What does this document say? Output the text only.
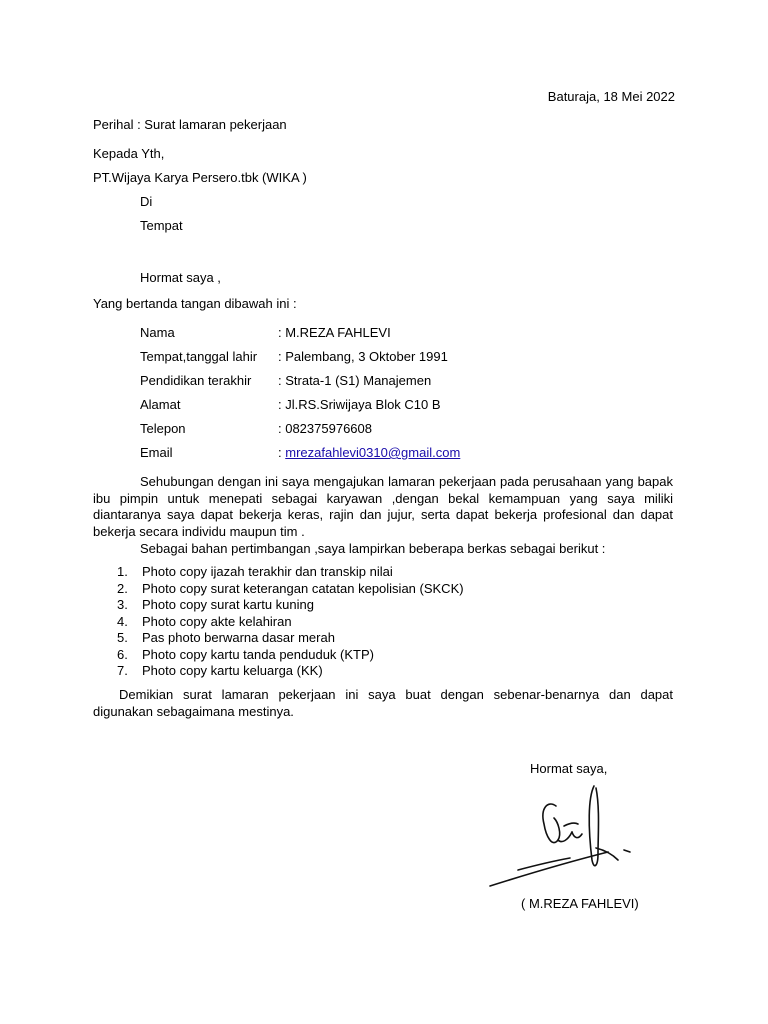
Baturaja, 18 Mei 2022
Perihal : Surat lamaran pekerjaan
Kepada Yth,
PT.Wijaya Karya Persero.tbk (WIKA )
Di
Tempat
Hormat saya ,
Yang bertanda tangan dibawah ini :
Nama	: M.REZA FAHLEVI
Tempat,tanggal lahir : Palembang, 3 Oktober 1991
Pendidikan terakhir : Strata-1 (S1) Manajemen
Alamat	: Jl.RS.Sriwijaya Blok C10 B
Telepon	: 082375976608
Email	: mrezafahlevi0310@gmail.com
Sehubungan dengan ini saya mengajukan lamaran pekerjaan pada perusahaan yang bapak ibu pimpin untuk menepati sebagai karyawan ,dengan bekal kemampuan yang saya miliki diantaranya saya dapat bekerja keras, rajin dan jujur, serta dapat bekerja profesional dan dapat bekerja secara individu maupun tim .
Sebagai bahan pertimbangan ,saya lampirkan beberapa berkas sebagai berikut :
1. Photo copy ijazah terakhir dan transkip nilai
2. Photo copy surat keterangan catatan kepolisian (SKCK)
3. Photo copy surat kartu kuning
4. Photo copy akte kelahiran
5. Pas photo berwarna dasar merah
6. Photo copy kartu tanda penduduk (KTP)
7. Photo copy kartu keluarga (KK)
Demikian surat lamaran pekerjaan ini saya buat dengan sebenar-benarnya dan dapat digunakan sebagaimana mestinya.
Hormat saya,
( M.REZA FAHLEVI)
